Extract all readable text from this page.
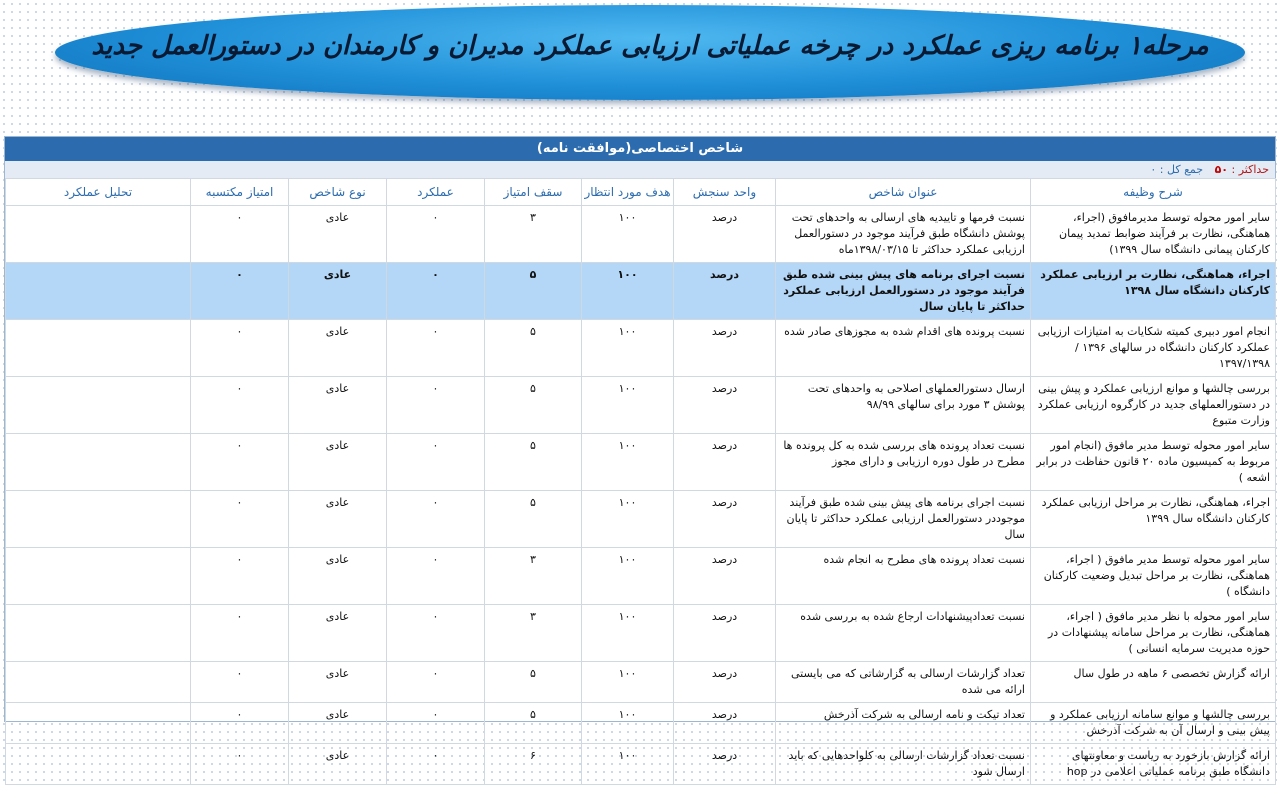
مرحله۱ برنامه ریزی عملکرد در چرخه عملیاتی ارزیابی عملکرد مدیران و کارمندان در دستورالعمل جدید
شاخص اختصاصی(موافقت نامه)
حداکثر : ۵۰ جمع کل : ۰
شرح وظیفه	عنوان شاخص	واحد سنجش	هدف مورد انتظار	سقف امتیاز	عملکرد	نوع شاخص	امتیاز مکتسبه	تحلیل عملکرد
سایر امور محوله توسط مدیرمافوق (اجراء، هماهنگی، نظارت بر فرآیند ضوابط تمدید پیمان کارکنان پیمانی دانشگاه سال ۱۳۹۹)	نسبت فرمها و تاییدیه های ارسالی به واحدهای تحت پوشش دانشگاه طبق فرآیند موجود در دستورالعمل ارزیابی عملکرد حداکثر تا ۱۳۹۸/۰۳/۱۵ماه	درصد	۱۰۰	۳	۰	عادی	۰	
اجراء، هماهنگی، نظارت بر ارزیابی عملکرد کارکنان دانشگاه سال ۱۳۹۸	نسبت اجرای برنامه های پیش بینی شده طبق فرآیند موجود در دستورالعمل ارزیابی عملکرد حداکثر تا پایان سال	درصد	۱۰۰	۵	۰	عادی	۰	
انجام امور دبیری کمیته شکایات به امتیازات ارزیابی عملکرد کارکنان دانشگاه در سالهای ۱۳۹۶ / ۱۳۹۷/۱۳۹۸	نسبت پرونده های اقدام شده به مجوزهای صادر شده	درصد	۱۰۰	۵	۰	عادی	۰	
بررسی چالشها و موانع ارزیابی عملکرد و پیش بینی در دستورالعملهای جدید در کارگروه ارزیابی عملکرد وزارت متبوع	ارسال دستورالعملهای اصلاحی به واحدهای تحت پوشش ۳ مورد برای سالهای ۹۸/۹۹	درصد	۱۰۰	۵	۰	عادی	۰	
سایر امور محوله توسط مدیر مافوق (انجام امور مربوط به کمیسیون ماده ۲۰ قانون حفاظت در برابر اشعه )	نسبت تعداد پرونده های بررسی شده به کل پرونده ها مطرح در طول دوره ارزیابی و دارای مجوز	درصد	۱۰۰	۵	۰	عادی	۰	
اجراء، هماهنگی، نظارت بر مراحل ارزیابی عملکرد کارکنان دانشگاه سال ۱۳۹۹	نسبت اجرای برنامه های پیش بینی شده طبق فرآیند موجوددر دستورالعمل ارزیابی عملکرد حداکثر تا پایان سال	درصد	۱۰۰	۵	۰	عادی	۰	
سایر امور محوله توسط مدیر مافوق ( اجراء، هماهنگی، نظارت بر مراحل تبدیل وضعیت کارکنان دانشگاه )	نسبت تعداد پرونده های مطرح به انجام شده	درصد	۱۰۰	۳	۰	عادی	۰	
سایر امور محوله با نظر مدیر مافوق ( اجراء، هماهنگی، نظارت بر مراحل سامانه پیشنهادات در حوزه مدیریت سرمایه انسانی )	نسبت تعدادپیشنهادات ارجاع شده به بررسی شده	درصد	۱۰۰	۳	۰	عادی	۰	
ارائه گزارش تخصصی ۶ ماهه در طول سال	تعداد گزارشات ارسالی به گزارشاتی که می بایستی ارائه می شده	درصد	۱۰۰	۵	۰	عادی	۰	
بررسی چالشها و موانع سامانه ارزیابی عملکرد و پیش بینی و ارسال آن به شرکت آذرخش	تعداد تیکت و نامه ارسالی به شرکت آذرخش	درصد	۱۰۰	۵	۰	عادی	۰	
ارائه گزارش بازخورد به ریاست و معاونتهای دانشگاه طبق برنامه عملیاتی اعلامی در hop	نسبت تعداد گزارشات ارسالی به کلواحدهایی که باید ارسال شود	درصد	۱۰۰	۶	۰	عادی	۰	
